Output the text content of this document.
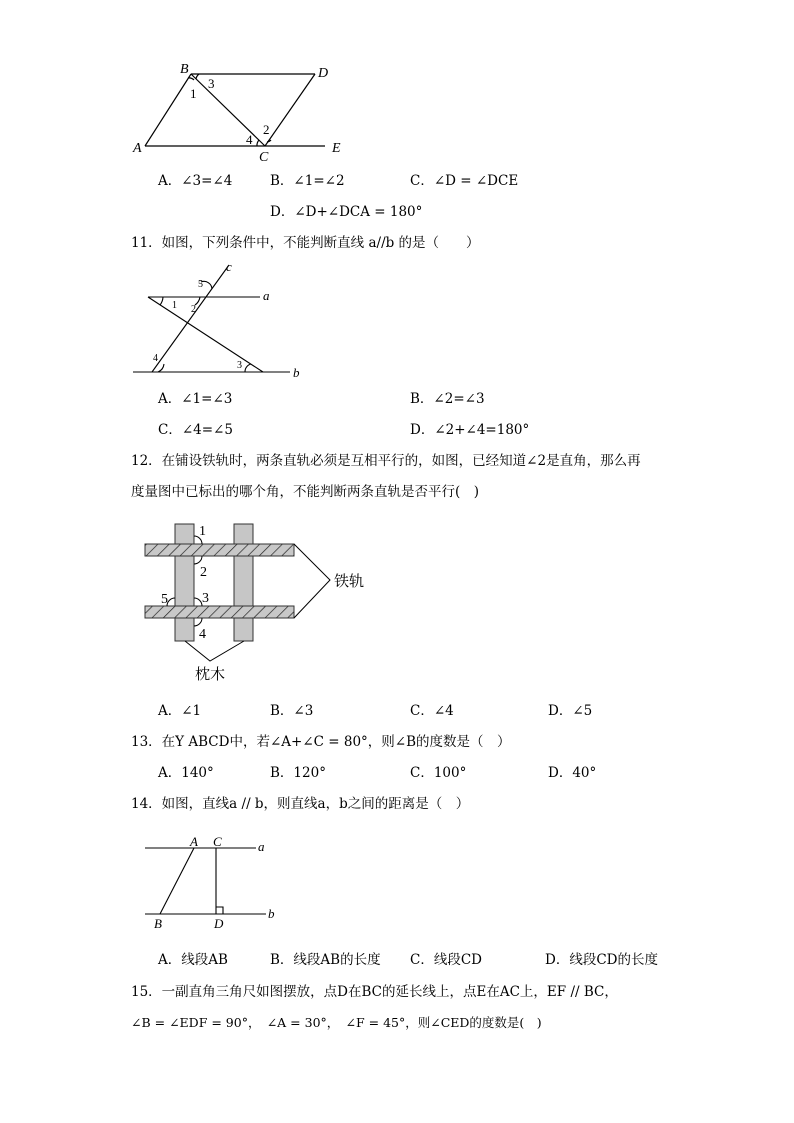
B	D
A
C
E
1
3
4
2
A．∠3=∠4	B．∠1=∠2	C．∠D = ∠DCE
D．∠D+∠DCA = 180°
11．如图，下列条件中，不能判断直线 a//b 的是（　　）
c
a
b
1 2
5
4
3
A．∠1=∠3	B．∠2=∠3
C．∠4=∠5	D．∠2+∠4=180°
12．在铺设铁轨时，两条直轨必须是互相平行的，如图，已经知道∠2是直角，那么再
度量图中已标出的哪个角，不能判断两条直轨是否平行(　)
1
2
3
4
5
铁轨
枕木
A．∠1	B．∠3	C．∠4	D．∠5
13．在Y ABCD中，若∠A+∠C = 80°，则∠B的度数是（　）
A．140°	B．120°	C．100°	D．40°
14．如图，直线a // b，则直线a，b之间的距离是（　）
A C	a
B	D
b
A．线段AB	B．线段AB的长度 C．线段CD	D．线段CD的长度
15．一副直角三角尺如图摆放，点D在BC的延长线上，点E在AC上，EF // BC，
∠B = ∠EDF = 90°，　∠A = 30°，　∠F = 45°，则∠CED的度数是(　)
